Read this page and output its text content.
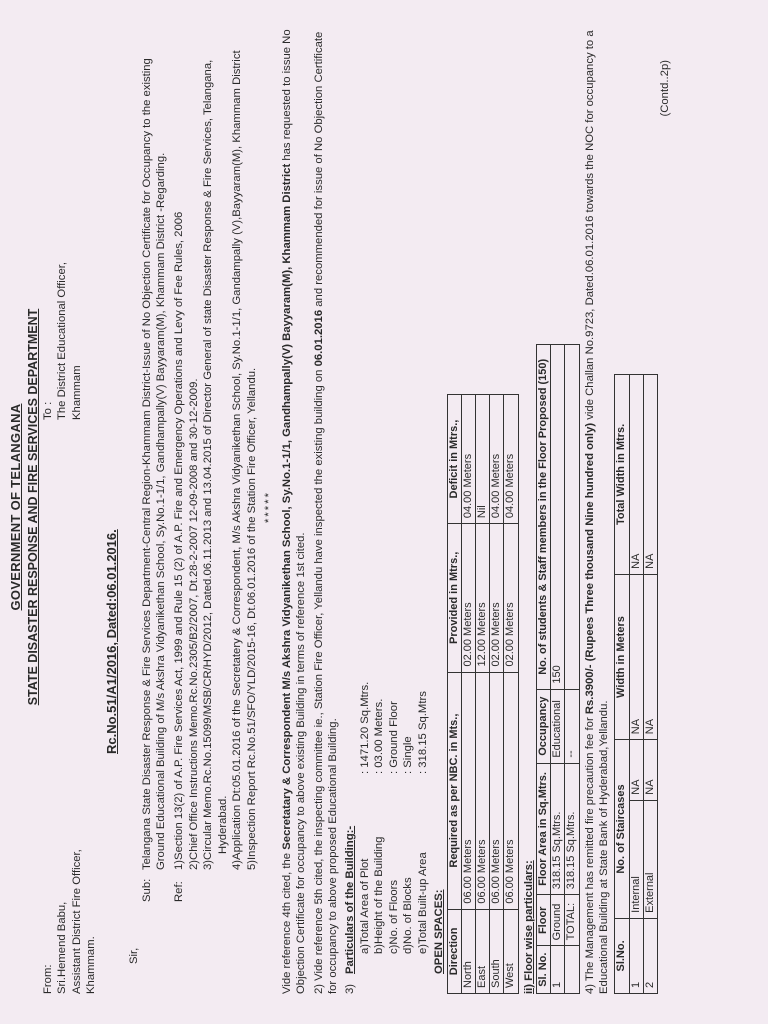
GOVERNMENT OF TELANGANA STATE DISASTER RESPONSE AND FIRE SERVICES DEPARTMENT
From: Sri.Hemend Babu, Assistant District Fire Officer, Khammam.
To : The District Educational Officer, Khammam
Rc.No.51/A1/2016, Dated:06.01.2016.
Sir,
Sub:
Telangana State Disaster Response & Fire Services Department-Central Region-Khammam District-Issue of No Objection Certificate for Occupancy to the existing Ground Educational Building of M/s Akshra Vidyanikethan School, Sy.No.1-1/1, Gandhampally(V) Bayyaram(M), Khammam District -Regarding.
Ref:
1)Section 13(2) of A.P. Fire Services Act, 1999 and Rule 15 (2) of A.P. Fire and Emergency Operations and Levy of Fee Rules, 2006 2)Chief Office Instructions Memo.Rc.No.2305/B2/2007, Dt.28-2-2007 12-09-2008 and 30-12-2009. 3)Circular Memo.Rc.No.15099/MSB/CR/HYD/2012, Dated.06.11.2013 and 13.04.2015 of Director General of state Disaster Response & Fire Services, Telangana, Hyderabad. 4)Application Dt:05.01.2016 of the Secretatery & Correspondent, M/s Akshra Vidyanikethan School, Sy.No.1-1/1, Gandampally (V),Bayyaram(M), Khammam District 5)Inspection Report Rc.No.51/SFO/YLD/2015-16, Dt.06.01.2016 of the Station Fire Officer, Yellandu. *****

Vide reference 4th cited, the Secretatary & Correspondent M/s Akshra Vidyanikethan School, Sy.No.1-1/1, Gandhampally(V) Bayyaram(M), Khammam District has requested to issue No Objection Certificate for occupancy to above existing Building in terms of reference 1st cited. 2) Vide reference 5th cited, the inspecting committee ie., Station Fire Officer, Yellandu have inspected the existing building on 06.01.2016 and recommended for issue of No Objection Certificate for occupancy to above proposed Educational Building. 3)
Particulars of the Building:- a)Total Area of Plot
: 1471.20 Sq.Mtrs.
b)Height of the Building
: 03.00 Meters.
c)No. of Floors
: Ground Floor
d)No. of Blocks
: Single
e)Total Built-up Area
: 318.15 Sq.Mtrs
OPEN SPACES: Direction	Required as per NBC. in Mts.,	Provided in Mtrs.,	Deficit in Mtrs.,
North	06.00 Meters	02.00 Meters	04.00 Meters
East	06.00 Meters	12.00 Meters	Nil
South	06.00 Meters	02.00 Meters	04.00 Meters
West	06.00 Meters	02.00 Meters	04.00 Meters
ii) Floor wise particulars: Sl. No.	Floor	Floor Area in Sq.Mtrs.	Occupancy	No. of students & Staff members in the Floor Proposed (150)
1	Ground	318.15 Sq.Mtrs.	Educational	150
	TOTAL:	318.15 Sq.Mtrs.	--	

4) The Management has remitted fire precaution fee for Rs.3900/- (Rupees Three thousand Nine hundred only) vide Challan No.9723, Dated.06.01.2016 towards the NOC for occupancy to a Educational Building at State Bank of Hyderabad,Yellandu. Sl.No.	No. of Staircases		Width in Meters	Total Width in Mtrs.
1	Internal	NA	NA	NA
2	External	NA	NA	NA
(Contd..2p)
